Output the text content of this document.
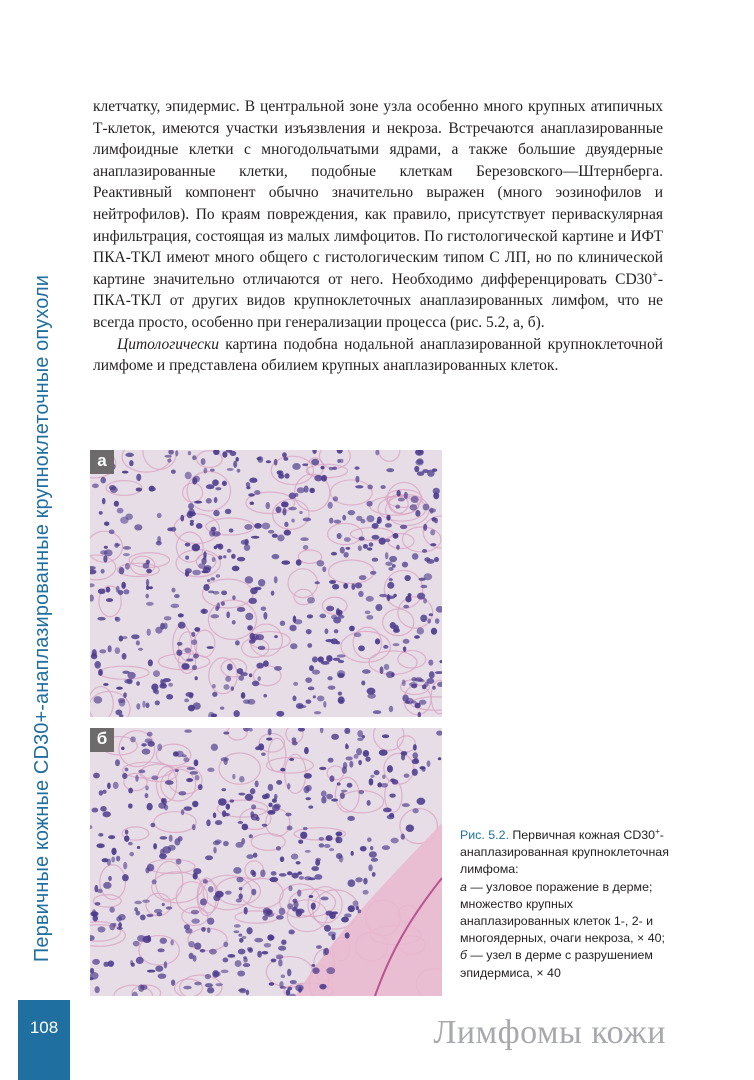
Первичные кожные CD30+-анаплазированные крупноклеточные опухоли
108

клетчатку, эпидермис. В центральной зоне узла особенно много крупных атипичных Т-клеток, имеются участки изъязвления и некроза. Встречаются анаплазированные лимфоидные клетки с многодольчатыми ядрами, а также большие двуядерные анаплазированные клетки, подобные клеткам Березовского—Штернберга. Реактивный компонент обычно значительно выражен (много эозинофилов и нейтрофилов). По краям повреждения, как правило, присутствует периваскулярная инфильтрация, состоящая из малых лимфоцитов. По гистологической картине и ИФТ ПКА-ТКЛ имеют много общего с гистологическим типом С ЛП, но по клинической картине значительно отличаются от него. Необходимо дифференцировать CD30+-ПКА-ТКЛ от других видов крупноклеточных анаплазированных лимфом, что не всегда просто, особенно при генерализации процесса (рис. 5.2, а, б).

Цитологически картина подобна нодальной анаплазированной крупноклеточной лимфоме и представлена обилием крупных анаплазированных клеток.

а
б
Рис. 5.2. Первичная кожная CD30+-анаплазированная крупноклеточная лимфома:
а — узловое поражение в дерме; множество крупных анаплазированных клеток 1-, 2- и многоядерных, очаги некроза, × 40;
б — узел в дерме с разрушением эпидермиса, × 40
Лимфомы кожи
